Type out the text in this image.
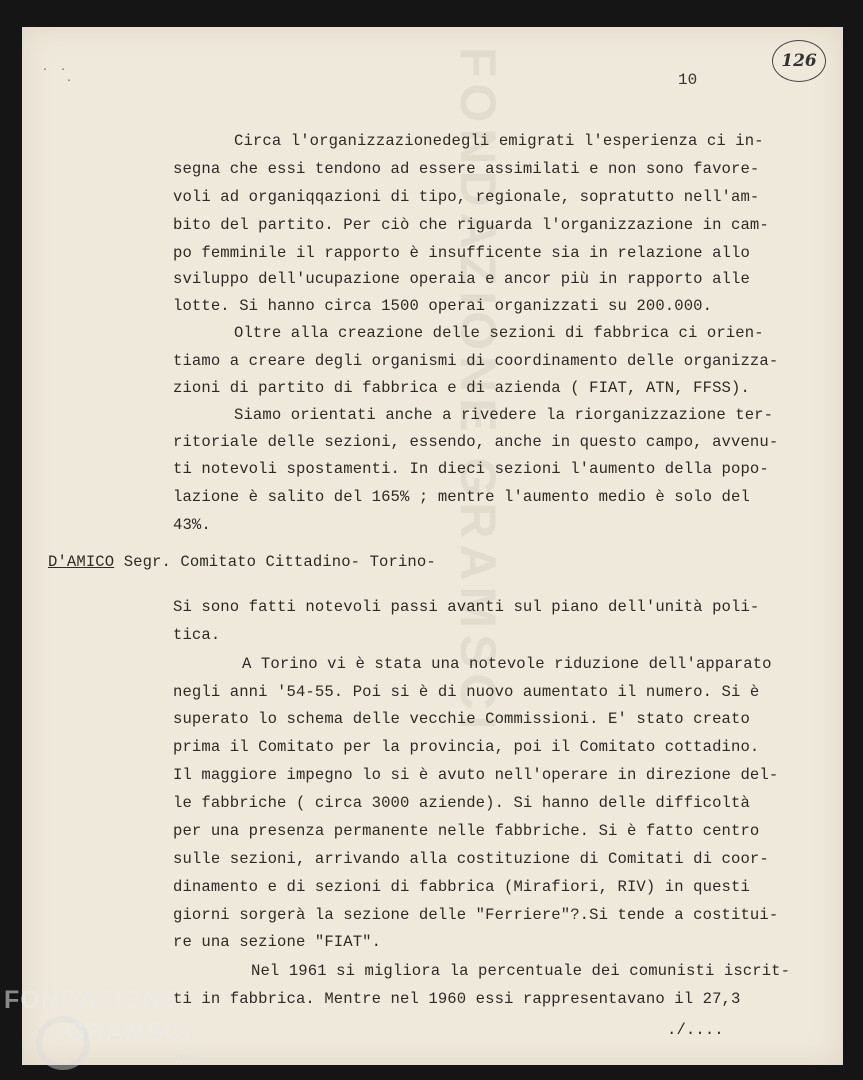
FONDAZIONE GRAMSCI
·  ·
·	10
126
Circa l'organizzazionedegli emigrati l'esperienza ci in-
segna che essi tendono ad essere assimilati e non sono favore-
voli ad organiqqazioni di tipo, regionale, sopratutto nell'am-
bito del partito. Per ciò che riguarda l'organizzazione in cam-
po femminile il rapporto è insufficente sia in relazione allo
sviluppo dell'ucupazione operaia e ancor più in rapporto alle
lotte. Si hanno circa 1500 operai organizzati su 200.000.
Oltre alla creazione delle sezioni di fabbrica ci orien-
tiamo a creare degli organismi di coordinamento delle organizza-
zioni di partito di fabbrica e di azienda ( FIAT, ATN, FFSS).
Siamo orientati anche a rivedere la riorganizzazione ter-
ritoriale delle sezioni, essendo, anche in questo campo, avvenu-
ti notevoli spostamenti. In dieci sezioni l'aumento della popo-
lazione è salito del 165% ; mentre l'aumento medio è solo del
43%.
D'AMICO Segr. Comitato Cittadino- Torino-
Si sono fatti notevoli passi avanti sul piano dell'unità poli-
tica.
A Torino vi è stata una notevole riduzione dell'apparato
negli anni '54-55. Poi si è di nuovo aumentato il numero. Si è
superato lo schema delle vecchie Commissioni. E' stato creato
prima il Comitato per la provincia, poi il Comitato cottadino.
Il maggiore impegno lo si è avuto nell'operare in direzione del-
le fabbriche ( circa 3000 aziende). Si hanno delle difficoltà
per una presenza permanente nelle fabbriche. Si è fatto centro
sulle sezioni, arrivando alla costituzione di Comitati di coor-
dinamento e di sezioni di fabbrica (Mirafiori, RIV) in questi
giorni sorgerà la sezione delle "Ferriere"?.Si tende a costitui-
re una sezione "FIAT".
Nel 1961 si migliora la percentuale dei comunisti iscrit-
ti in fabbrica. Mentre nel 1960 essi rappresentavano il 27,3
./....
FONDAZIONE
GRAMSCI
onlus
